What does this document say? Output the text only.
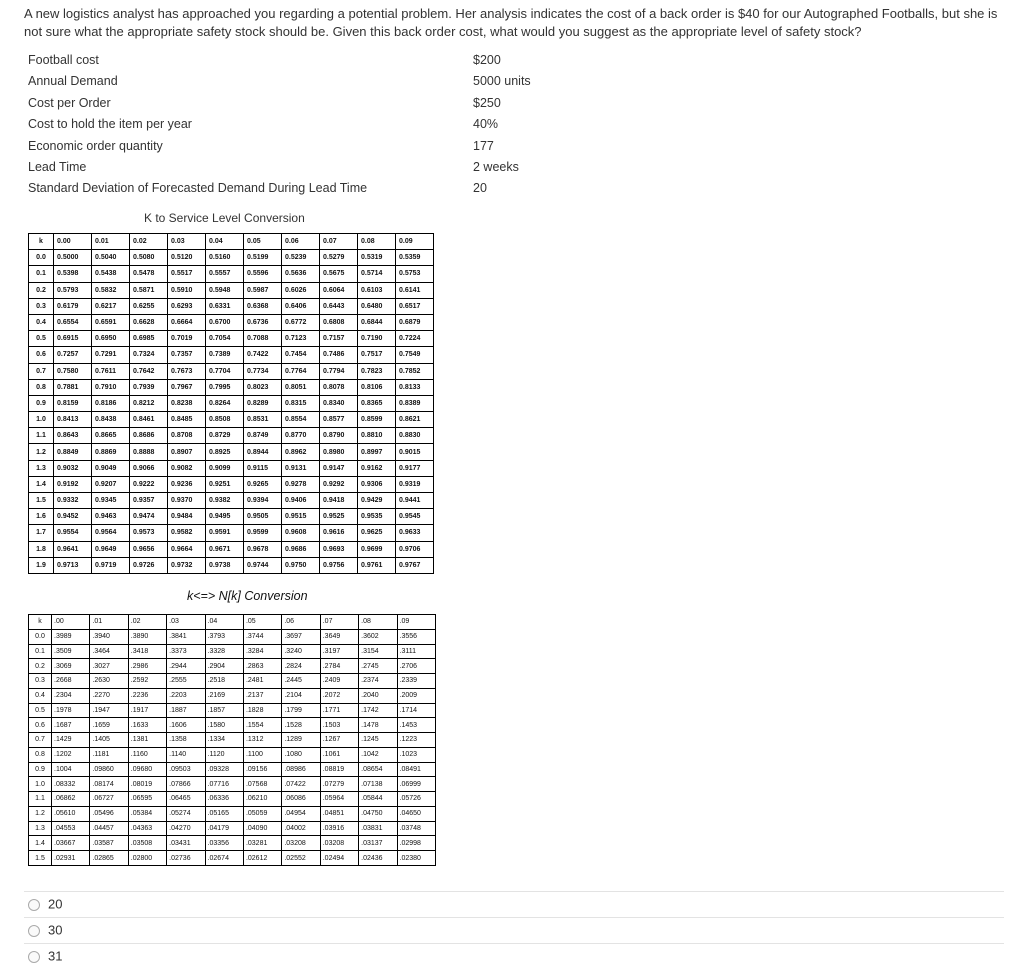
A new logistics analyst has approached you regarding a potential problem. Her analysis indicates the cost of a back order is $40 for our Autographed Footballs, but she is not sure what the appropriate safety stock should be. Given this back order cost, what would you suggest as the appropriate level of safety stock?
Football cost	$200
Annual Demand	5000 units
Cost per Order	$250
Cost to hold the item per year	40%
Economic order quantity	177
Lead Time	2 weeks
Standard Deviation of Forecasted Demand During Lead Time	20
K to Service Level Conversion
k	0.00	0.01	0.02	0.03	0.04	0.05	0.06	0.07	0.08	0.09
0.0	0.5000	0.5040	0.5080	0.5120	0.5160	0.5199	0.5239	0.5279	0.5319	0.5359
0.1	0.5398	0.5438	0.5478	0.5517	0.5557	0.5596	0.5636	0.5675	0.5714	0.5753
0.2	0.5793	0.5832	0.5871	0.5910	0.5948	0.5987	0.6026	0.6064	0.6103	0.6141
0.3	0.6179	0.6217	0.6255	0.6293	0.6331	0.6368	0.6406	0.6443	0.6480	0.6517
0.4	0.6554	0.6591	0.6628	0.6664	0.6700	0.6736	0.6772	0.6808	0.6844	0.6879
0.5	0.6915	0.6950	0.6985	0.7019	0.7054	0.7088	0.7123	0.7157	0.7190	0.7224
0.6	0.7257	0.7291	0.7324	0.7357	0.7389	0.7422	0.7454	0.7486	0.7517	0.7549
0.7	0.7580	0.7611	0.7642	0.7673	0.7704	0.7734	0.7764	0.7794	0.7823	0.7852
0.8	0.7881	0.7910	0.7939	0.7967	0.7995	0.8023	0.8051	0.8078	0.8106	0.8133
0.9	0.8159	0.8186	0.8212	0.8238	0.8264	0.8289	0.8315	0.8340	0.8365	0.8389
1.0	0.8413	0.8438	0.8461	0.8485	0.8508	0.8531	0.8554	0.8577	0.8599	0.8621
1.1	0.8643	0.8665	0.8686	0.8708	0.8729	0.8749	0.8770	0.8790	0.8810	0.8830
1.2	0.8849	0.8869	0.8888	0.8907	0.8925	0.8944	0.8962	0.8980	0.8997	0.9015
1.3	0.9032	0.9049	0.9066	0.9082	0.9099	0.9115	0.9131	0.9147	0.9162	0.9177
1.4	0.9192	0.9207	0.9222	0.9236	0.9251	0.9265	0.9278	0.9292	0.9306	0.9319
1.5	0.9332	0.9345	0.9357	0.9370	0.9382	0.9394	0.9406	0.9418	0.9429	0.9441
1.6	0.9452	0.9463	0.9474	0.9484	0.9495	0.9505	0.9515	0.9525	0.9535	0.9545
1.7	0.9554	0.9564	0.9573	0.9582	0.9591	0.9599	0.9608	0.9616	0.9625	0.9633
1.8	0.9641	0.9649	0.9656	0.9664	0.9671	0.9678	0.9686	0.9693	0.9699	0.9706
1.9	0.9713	0.9719	0.9726	0.9732	0.9738	0.9744	0.9750	0.9756	0.9761	0.9767
k<=> N[k] Conversion
k	.00	.01	.02	.03	.04	.05	.06	.07	.08	.09
0.0	.3989	.3940	.3890	.3841	.3793	.3744	.3697	.3649	.3602	.3556
0.1	.3509	.3464	.3418	.3373	.3328	.3284	.3240	.3197	.3154	.3111
0.2	.3069	.3027	.2986	.2944	.2904	.2863	.2824	.2784	.2745	.2706
0.3	.2668	.2630	.2592	.2555	.2518	.2481	.2445	.2409	.2374	.2339
0.4	.2304	.2270	.2236	.2203	.2169	.2137	.2104	.2072	.2040	.2009
0.5	.1978	.1947	.1917	.1887	.1857	.1828	.1799	.1771	.1742	.1714
0.6	.1687	.1659	.1633	.1606	.1580	.1554	.1528	.1503	.1478	.1453
0.7	.1429	.1405	.1381	.1358	.1334	.1312	.1289	.1267	.1245	.1223
0.8	.1202	.1181	.1160	.1140	.1120	.1100	.1080	.1061	.1042	.1023
0.9	.1004	.09860	.09680	.09503	.09328	.09156	.08986	.08819	.08654	.08491
1.0	.08332	.08174	.08019	.07866	.07716	.07568	.07422	.07279	.07138	.06999
1.1	.06862	.06727	.06595	.06465	.06336	.06210	.06086	.05964	.05844	.05726
1.2	.05610	.05496	.05384	.05274	.05165	.05059	.04954	.04851	.04750	.04650
1.3	.04553	.04457	.04363	.04270	.04179	.04090	.04002	.03916	.03831	.03748
1.4	.03667	.03587	.03508	.03431	.03356	.03281	.03208	.03208	.03137	.02998
1.5	.02931	.02865	.02800	.02736	.02674	.02612	.02552	.02494	.02436	.02380
20
30
31
